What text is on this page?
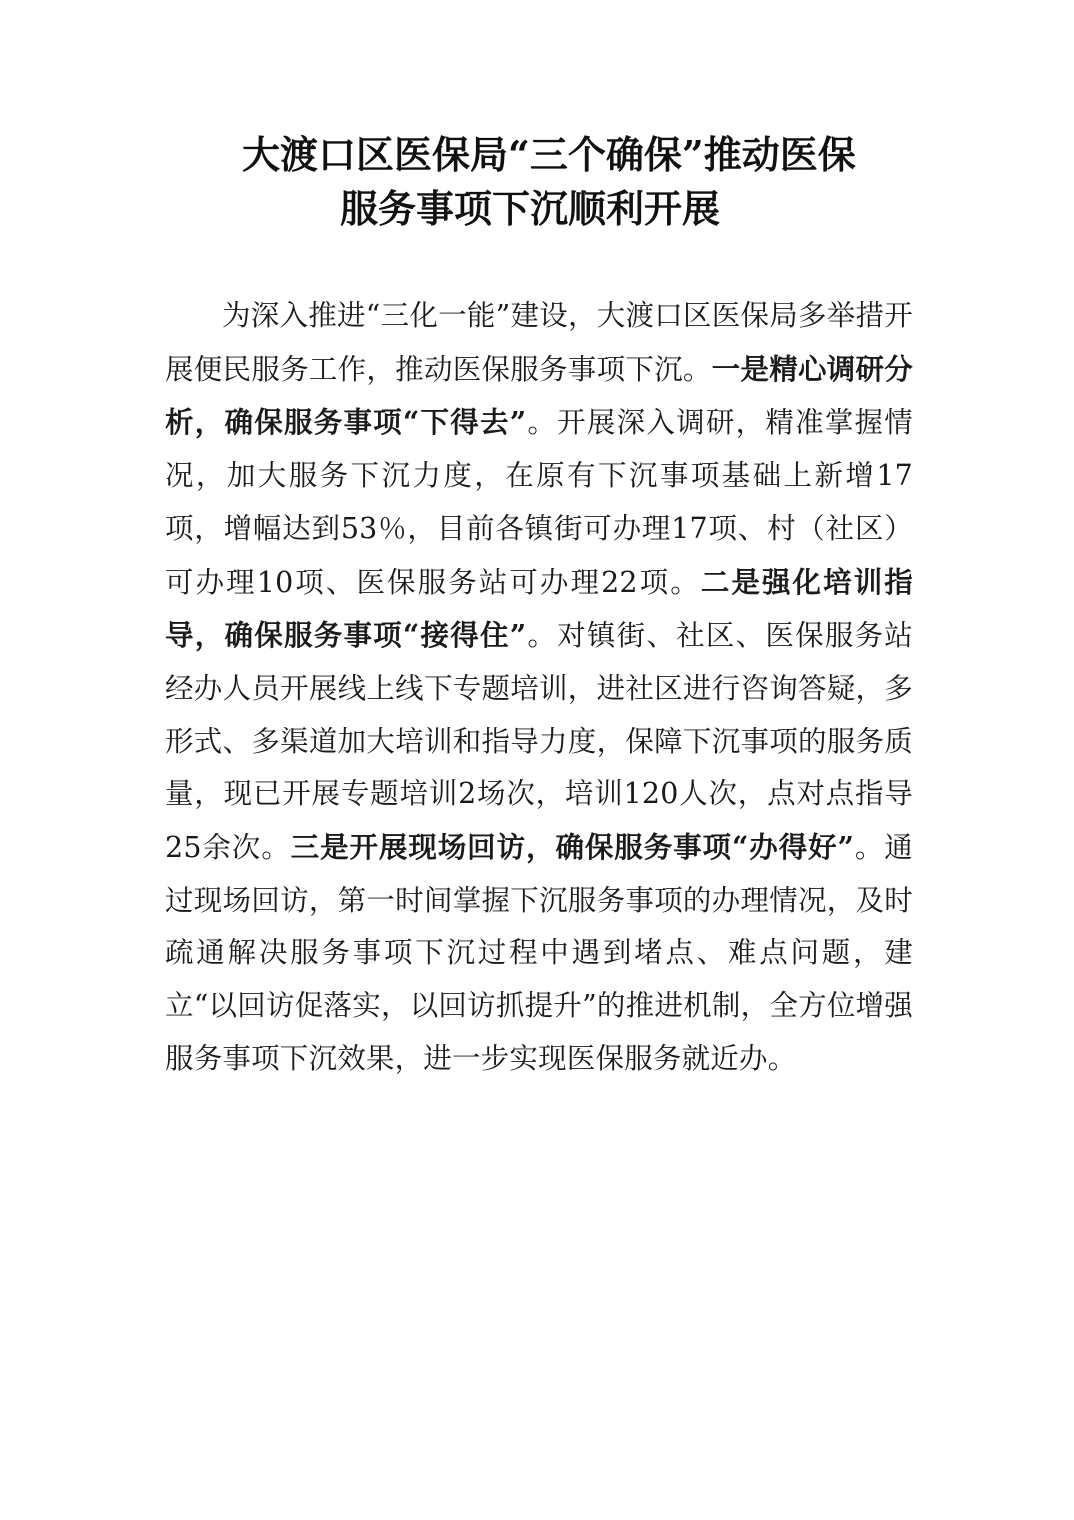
大渡口区医保局“三个确保”推动医保
服务事项下沉顺利开展

为深入推进“三化一能”建设，大渡口区医保局多举措开展便民服务工作，推动医保服务事项下沉。一是精心调研分析，确保服务事项“下得去”。开展深入调研，精准掌握情况，加大服务下沉力度，在原有下沉事项基础上新增17项，增幅达到53％，目前各镇街可办理17项、村（社区）可办理10项、医保服务站可办理22项。二是强化培训指导，确保服务事项“接得住”。对镇街、社区、医保服务站经办人员开展线上线下专题培训，进社区进行咨询答疑，多形式、多渠道加大培训和指导力度，保障下沉事项的服务质量，现已开展专题培训2场次，培训120人次，点对点指导25余次。三是开展现场回访，确保服务事项“办得好”。通过现场回访，第一时间掌握下沉服务事项的办理情况，及时疏通解决服务事项下沉过程中遇到堵点、难点问题，建立“以回访促落实，以回访抓提升”的推进机制，全方位增强服务事项下沉效果，进一步实现医保服务就近办。
